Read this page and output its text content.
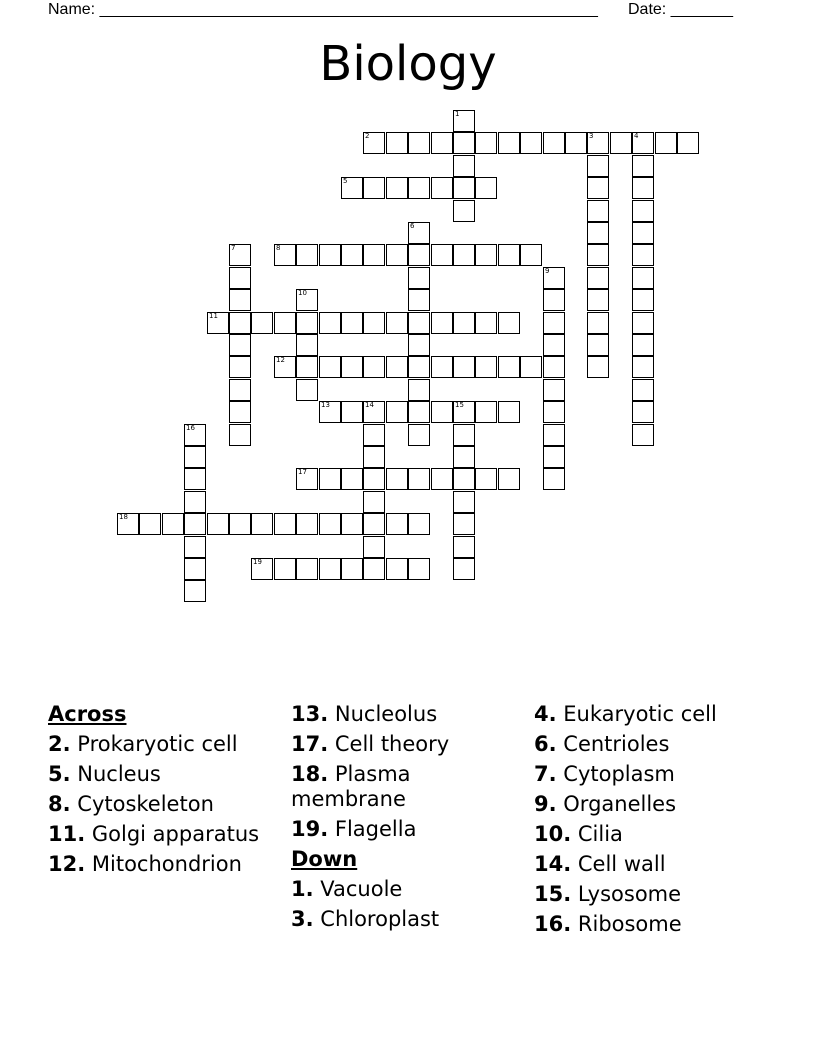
Name: ________________________________________________________ Date: _______
Biology
1
2	3	4
5
6
7	8
9
10
11
12
13	14	15
16
17
18
19
Across
2. Prokaryotic cell
5. Nucleus
8. Cytoskeleton
11. Golgi apparatus
12. Mitochondrion
13. Nucleolus
17. Cell theory
18. Plasma membrane
19. Flagella
Down
1. Vacuole
3. Chloroplast
4. Eukaryotic cell
6. Centrioles
7. Cytoplasm
9. Organelles
10. Cilia
14. Cell wall
15. Lysosome
16. Ribosome
